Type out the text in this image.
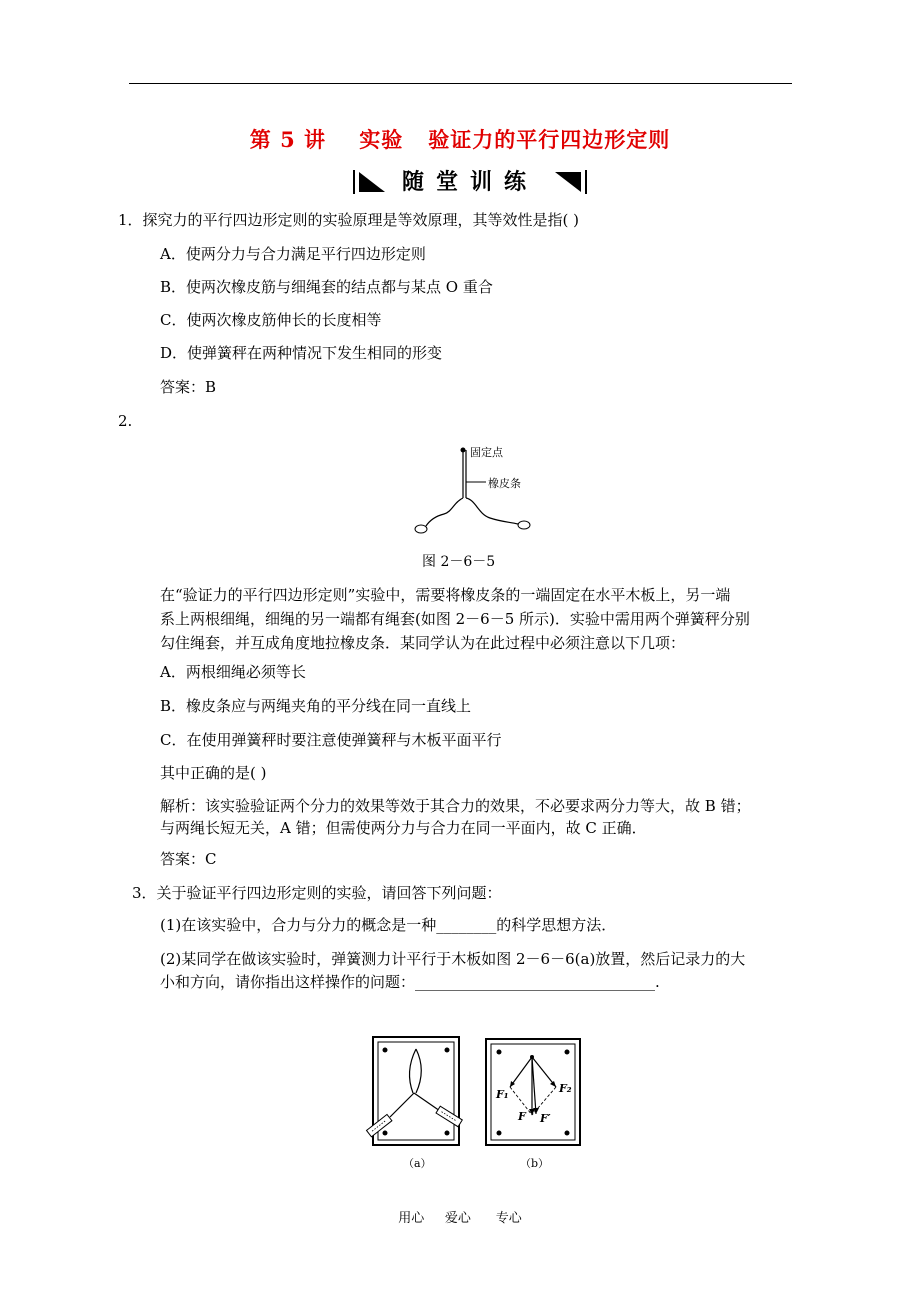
第 5 讲    实验   验证力的平行四边形定则
随堂训练
1．探究力的平行四边形定则的实验原理是等效原理，其等效性是指( )
A．使两分力与合力满足平行四边形定则
B．使两次橡皮筋与细绳套的结点都与某点 O 重合
C．使两次橡皮筋伸长的长度相等
D．使弹簧秤在两种情况下发生相同的形变
答案：B
2.
固定点
橡皮条
图 2－6－5
在“验证力的平行四边形定则”实验中，需要将橡皮条的一端固定在水平木板上，另一端
系上两根细绳，细绳的另一端都有绳套(如图 2－6－5 所示)．实验中需用两个弹簧秤分别
勾住绳套，并互成角度地拉橡皮条．某同学认为在此过程中必须注意以下几项：
A．两根细绳必须等长
B．橡皮条应与两绳夹角的平分线在同一直线上
C．在使用弹簧秤时要注意使弹簧秤与木板平面平行
其中正确的是( )
解析：该实验验证两个分力的效果等效于其合力的效果，不必要求两分力等大，故 B 错；
与两绳长短无关，A 错；但需使两分力与合力在同一平面内，故 C 正确．
答案：C
3．关于验证平行四边形定则的实验，请回答下列问题：
(1)在该实验中，合力与分力的概念是一种________的科学思想方法．
(2)某同学在做该实验时，弹簧测力计平行于木板如图 2－6－6(a)放置，然后记录力的大
小和方向，请你指出这样操作的问题：________________________________.
（a）
F₁	F₂
F F′
（b）
用心     爱心      专心
